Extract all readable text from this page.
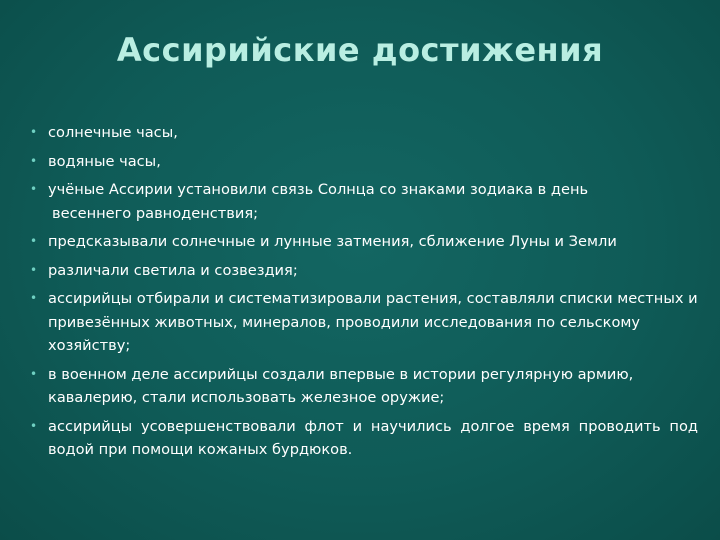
Ассирийские достижения
• солнечные часы,
• водяные часы,
• учёные Ассирии установили связь Солнца со знаками зодиака в день
весеннего равноденствия;
• предсказывали солнечные и лунные затмения, сближение Луны и Земли
• различали светила и созвездия;
• ассирийцы отбирали и систематизировали растения, составляли списки местных и привезённых животных, минералов, проводили исследования по сельскому хозяйству;
• в военном деле ассирийцы создали впервые в истории регулярную армию, кавалерию, стали использовать железное оружие;
• ассирийцы усовершенствовали флот и научились долгое время проводить под водой при помощи кожаных бурдюков.
